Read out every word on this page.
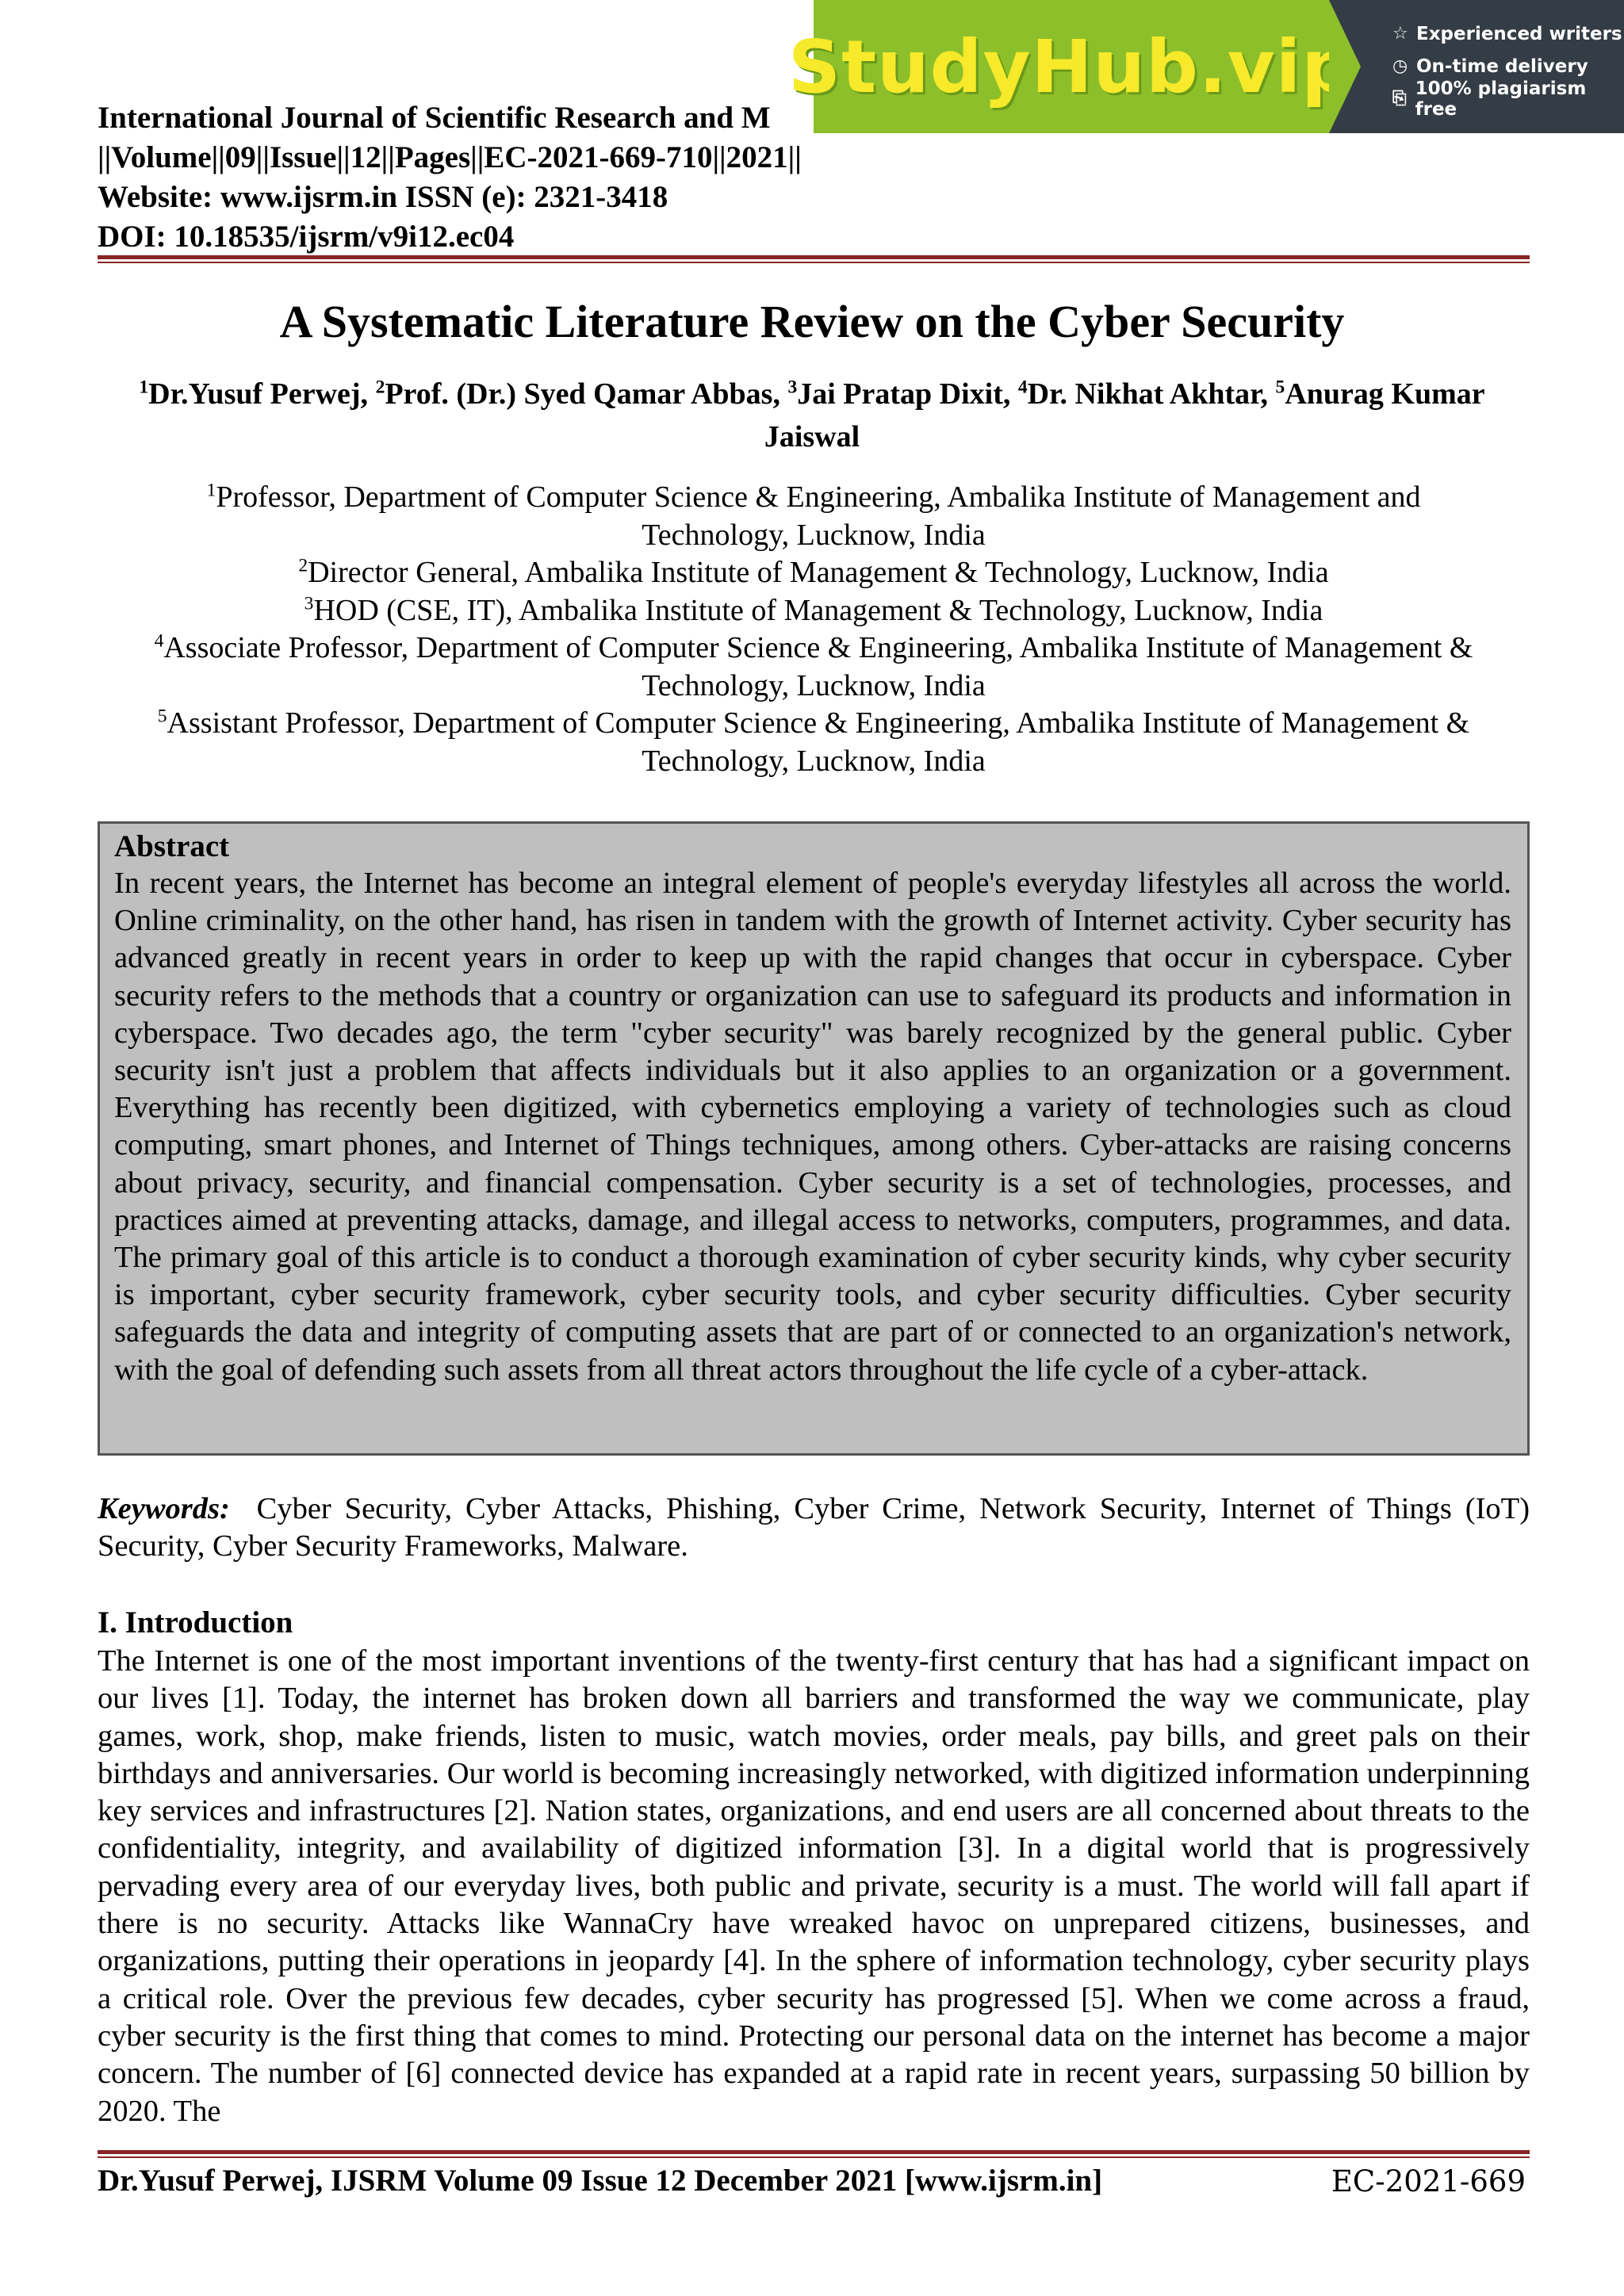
StudyHub.vip ☆ Experienced writers
◷ On-time delivery
⎘ 100% plagiarism free
International Journal of Scientific Research and M
||Volume||09||Issue||12||Pages||EC-2021-669-710||2021||
Website: www.ijsrm.in ISSN (e): 2321-3418
DOI: 10.18535/ijsrm/v9i12.ec04
A Systematic Literature Review on the Cyber Security
$^1$Dr.Yusuf Perwej, $^2$Prof. (Dr.) Syed Qamar Abbas, $^3$Jai Pratap Dixit, $^4$Dr. Nikhat Akhtar, $^5$Anurag Kumar Jaiswal
$^1$Professor, Department of Computer Science & Engineering, Ambalika Institute of Management and Technology, Lucknow, India
$^2$Director General, Ambalika Institute of Management & Technology, Lucknow, India
$^3$HOD (CSE, IT), Ambalika Institute of Management & Technology, Lucknow, India
$^4$Associate Professor, Department of Computer Science & Engineering, Ambalika Institute of Management & Technology, Lucknow, India
$^5$Assistant Professor, Department of Computer Science & Engineering, Ambalika Institute of Management & Technology, Lucknow, India
Abstract
In recent years, the Internet has become an integral element of people's everyday lifestyles all across the world. Online criminality, on the other hand, has risen in tandem with the growth of Internet activity. Cyber security has advanced greatly in recent years in order to keep up with the rapid changes that occur in cyberspace. Cyber security refers to the methods that a country or organization can use to safeguard its products and information in cyberspace. Two decades ago, the term "cyber security" was barely recognized by the general public. Cyber security isn't just a problem that affects individuals but it also applies to an organization or a government. Everything has recently been digitized, with cybernetics employing a variety of technologies such as cloud computing, smart phones, and Internet of Things techniques, among others. Cyber-attacks are raising concerns about privacy, security, and financial compensation. Cyber security is a set of technologies, processes, and practices aimed at preventing attacks, damage, and illegal access to networks, computers, programmes, and data. The primary goal of this article is to conduct a thorough examination of cyber security kinds, why cyber security is important, cyber security framework, cyber security tools, and cyber security difficulties. Cyber security safeguards the data and integrity of computing assets that are part of or connected to an organization's network, with the goal of defending such assets from all threat actors throughout the life cycle of a cyber-attack.
Keywords: Cyber Security, Cyber Attacks, Phishing, Cyber Crime, Network Security, Internet of Things (IoT) Security, Cyber Security Frameworks, Malware.
I. Introduction

The Internet is one of the most important inventions of the twenty-first century that has had a significant impact on our lives [1]. Today, the internet has broken down all barriers and transformed the way we communicate, play games, work, shop, make friends, listen to music, watch movies, order meals, pay bills, and greet pals on their birthdays and anniversaries. Our world is becoming increasingly networked, with digitized information underpinning key services and infrastructures [2]. Nation states, organizations, and end users are all concerned about threats to the confidentiality, integrity, and availability of digitized information [3]. In a digital world that is progressively pervading every area of our everyday lives, both public and private, security is a must. The world will fall apart if there is no security. Attacks like WannaCry have wreaked havoc on unprepared citizens, businesses, and organizations, putting their operations in jeopardy [4]. In the sphere of information technology, cyber security plays a critical role. Over the previous few decades, cyber security has progressed [5]. When we come across a fraud, cyber security is the first thing that comes to mind. Protecting our personal data on the internet has become a major concern. The number of [6] connected device has expanded at a rapid rate in recent years, surpassing 50 billion by 2020. The

Dr.Yusuf Perwej, IJSRM Volume 09 Issue 12 December 2021 [www.ijsrm.in]	EC-2021-669
